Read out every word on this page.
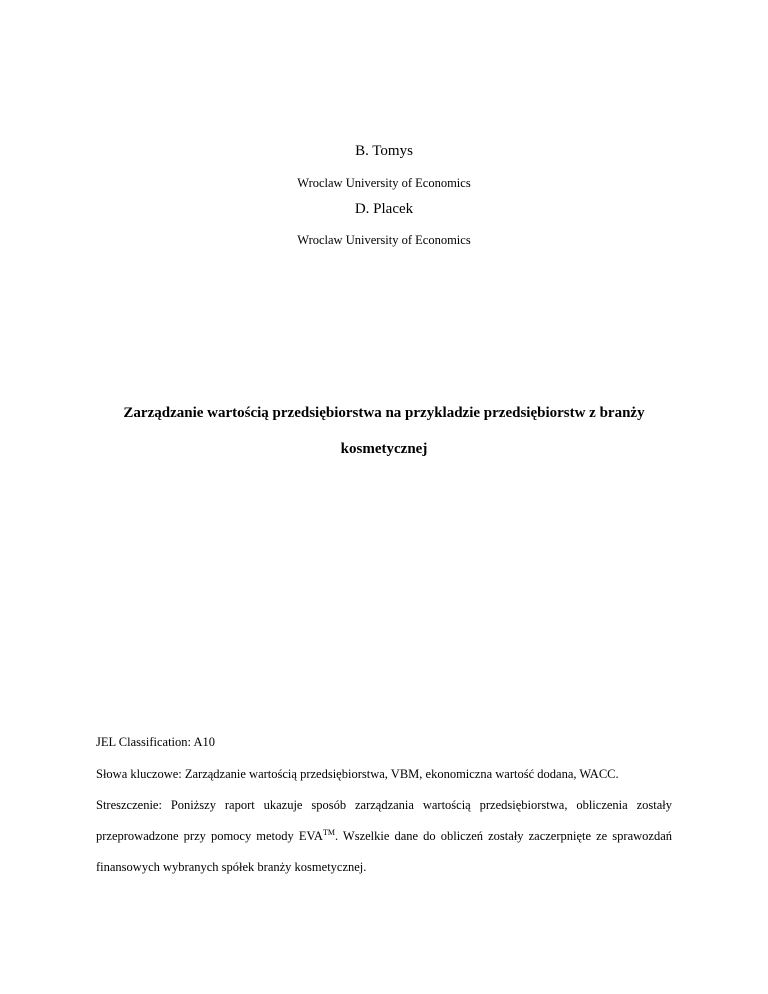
B. Tomys
Wroclaw University of Economics
D. Placek
Wroclaw University of Economics
Zarządzanie wartością przedsiębiorstwa na przykladzie przedsiębiorstw z branży
kosmetycznej
JEL Classification: A10
Słowa kluczowe: Zarządzanie wartością przedsiębiorstwa, VBM, ekonomiczna wartość dodana, WACC.
Streszczenie: Poniższy raport ukazuje sposób zarządzania wartością przedsiębiorstwa, obliczenia zostały
przeprowadzone przy pomocy metody EVA™. Wszelkie dane do obliczeń zostały zaczerpnięte ze sprawozdań
finansowych wybranych spółek branży kosmetycznej.
